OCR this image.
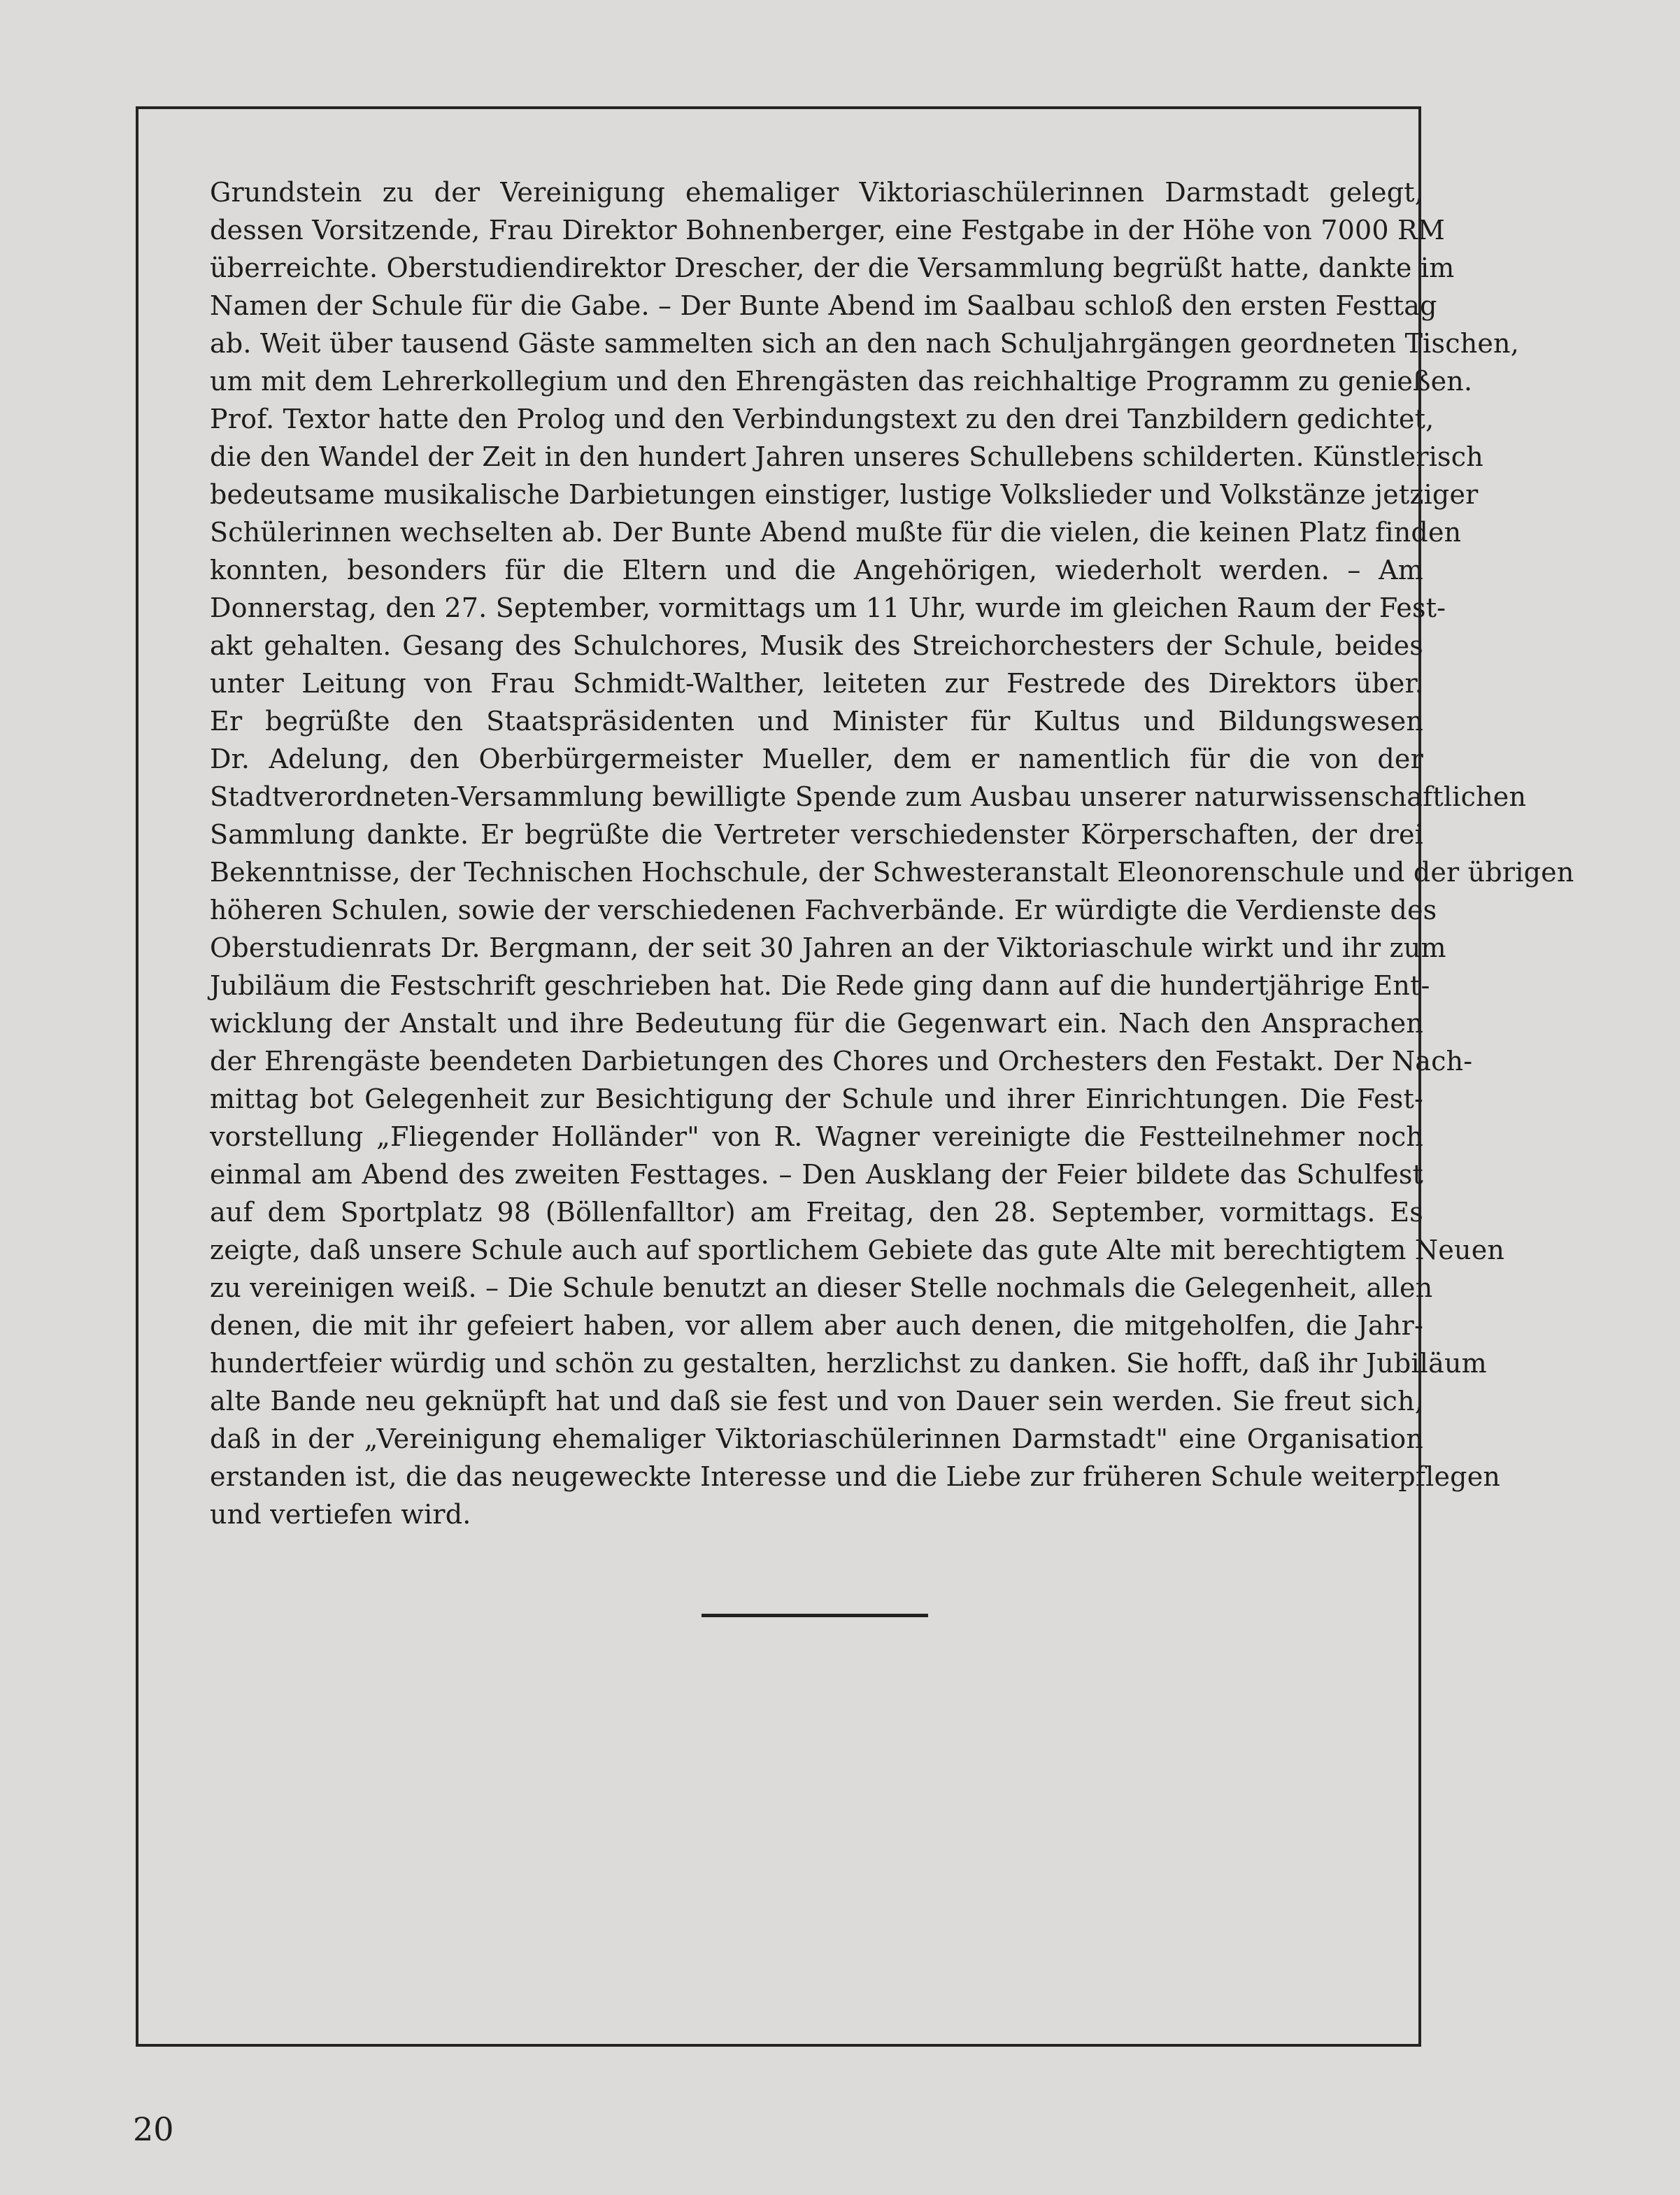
Grundstein zu der Vereinigung ehemaliger Viktoriaschülerinnen Darmstadt gelegt,
dessen Vorsitzende, Frau Direktor Bohnenberger, eine Festgabe in der Höhe von 7000 RM
überreichte. Oberstudiendirektor Drescher, der die Versammlung begrüßt hatte, dankte im
Namen der Schule für die Gabe. – Der Bunte Abend im Saalbau schloß den ersten Festtag
ab. Weit über tausend Gäste sammelten sich an den nach Schuljahrgängen geordneten Tischen,
um mit dem Lehrerkollegium und den Ehrengästen das reichhaltige Programm zu genießen.
Prof. Textor hatte den Prolog und den Verbindungstext zu den drei Tanzbildern gedichtet,
die den Wandel der Zeit in den hundert Jahren unseres Schullebens schilderten. Künstlerisch
bedeutsame musikalische Darbietungen einstiger, lustige Volkslieder und Volkstänze jetziger
Schülerinnen wechselten ab. Der Bunte Abend mußte für die vielen, die keinen Platz finden
konnten, besonders für die Eltern und die Angehörigen, wiederholt werden. – Am
Donnerstag, den 27. September, vormittags um 11 Uhr, wurde im gleichen Raum der Fest-
akt gehalten. Gesang des Schulchores, Musik des Streichorchesters der Schule, beides
unter Leitung von Frau Schmidt-Walther, leiteten zur Festrede des Direktors über.
Er begrüßte den Staatspräsidenten und Minister für Kultus und Bildungswesen
Dr. Adelung, den Oberbürgermeister Mueller, dem er namentlich für die von der
Stadtverordneten-Versammlung bewilligte Spende zum Ausbau unserer naturwissenschaftlichen
Sammlung dankte. Er begrüßte die Vertreter verschiedenster Körperschaften, der drei
Bekenntnisse, der Technischen Hochschule, der Schwesteranstalt Eleonorenschule und der übrigen
höheren Schulen, sowie der verschiedenen Fachverbände. Er würdigte die Verdienste des
Oberstudienrats Dr. Bergmann, der seit 30 Jahren an der Viktoriaschule wirkt und ihr zum
Jubiläum die Festschrift geschrieben hat. Die Rede ging dann auf die hundertjährige Ent-
wicklung der Anstalt und ihre Bedeutung für die Gegenwart ein. Nach den Ansprachen
der Ehrengäste beendeten Darbietungen des Chores und Orchesters den Festakt. Der Nach-
mittag bot Gelegenheit zur Besichtigung der Schule und ihrer Einrichtungen. Die Fest-
vorstellung „Fliegender Holländer" von R. Wagner vereinigte die Festteilnehmer noch
einmal am Abend des zweiten Festtages. – Den Ausklang der Feier bildete das Schulfest
auf dem Sportplatz 98 (Böllenfalltor) am Freitag, den 28. September, vormittags. Es
zeigte, daß unsere Schule auch auf sportlichem Gebiete das gute Alte mit berechtigtem Neuen
zu vereinigen weiß. – Die Schule benutzt an dieser Stelle nochmals die Gelegenheit, allen
denen, die mit ihr gefeiert haben, vor allem aber auch denen, die mitgeholfen, die Jahr-
hundertfeier würdig und schön zu gestalten, herzlichst zu danken. Sie hofft, daß ihr Jubiläum
alte Bande neu geknüpft hat und daß sie fest und von Dauer sein werden. Sie freut sich,
daß in der „Vereinigung ehemaliger Viktoriaschülerinnen Darmstadt" eine Organisation
erstanden ist, die das neugeweckte Interesse und die Liebe zur früheren Schule weiterpflegen
und vertiefen wird.
20
